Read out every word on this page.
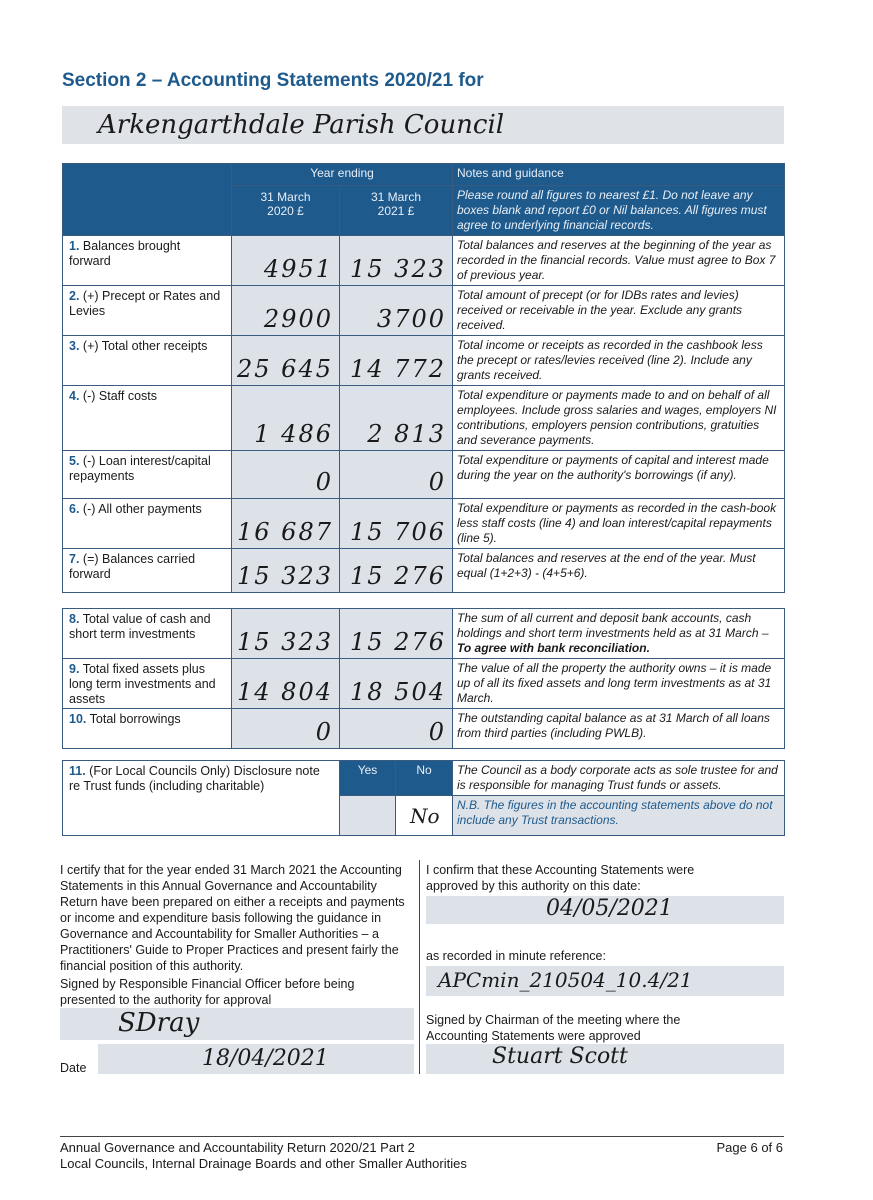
Section 2 – Accounting Statements 2020/21 for
Arkengarthdale Parish Council

	Year ending		Notes and guidance

	31 March 2020 £	31 March 2021 £	Please round all figures to nearest £1. Do not leave any boxes blank and report £0 or Nil balances. All figures must agree to underlying financial records.

1. Balances brought forward	4951	15 323	Total balances and reserves at the beginning of the year as recorded in the financial records. Value must agree to Box 7 of previous year.

2. (+) Precept or Rates and Levies	2900	3700	Total amount of precept (or for IDBs rates and levies) received or receivable in the year. Exclude any grants received.

3. (+) Total other receipts	25 645	14 772	Total income or receipts as recorded in the cashbook less the precept or rates/levies received (line 2). Include any grants received.

4. (-) Staff costs	1 486	2 813	Total expenditure or payments made to and on behalf of all employees. Include gross salaries and wages, employers NI contributions, employers pension contributions, gratuities and severance payments.

5. (-) Loan interest/capital repayments	0	0	Total expenditure or payments of capital and interest made during the year on the authority's borrowings (if any).

6. (-) All other payments	16 687	15 706	Total expenditure or payments as recorded in the cash-book less staff costs (line 4) and loan interest/capital repayments (line 5).

7. (=) Balances carried forward	15 323	15 276	Total balances and reserves at the end of the year. Must equal (1+2+3) - (4+5+6).
8. Total value of cash and short term investments	15 323	15 276	The sum of all current and deposit bank accounts, cash holdings and short term investments held as at 31 March – To agree with bank reconciliation.

9. Total fixed assets plus long term investments and assets	14 804	18 504	The value of all the property the authority owns – it is made up of all its fixed assets and long term investments as at 31 March.

10. Total borrowings	0	0	The outstanding capital balance as at 31 March of all loans from third parties (including PWLB).
11. (For Local Councils Only) Disclosure note re Trust funds (including charitable)	Yes	No	The Council as a body corporate acts as sole trustee for and is responsible for managing Trust funds or assets.

		No	N.B. The figures in the accounting statements above do not include any Trust transactions.
I certify that for the year ended 31 March 2021 the Accounting Statements in this Annual Governance and Accountability Return have been prepared on either a receipts and payments or income and expenditure basis following the guidance in Governance and Accountability for Smaller Authorities – a Practitioners' Guide to Proper Practices and present fairly the financial position of this authority.
Signed by Responsible Financial Officer before being presented to the authority for approval
SDray
Date	18/04/2021
I confirm that these Accounting Statements were approved by this authority on this date:
04/05/2021
as recorded in minute reference:
APCmin_210504_10.4/21
Signed by Chairman of the meeting where the Accounting Statements were approved
Stuart Scott
Annual Governance and Accountability Return 2020/21 Part 2
Local Councils, Internal Drainage Boards and other Smaller Authorities
Page 6 of 6
